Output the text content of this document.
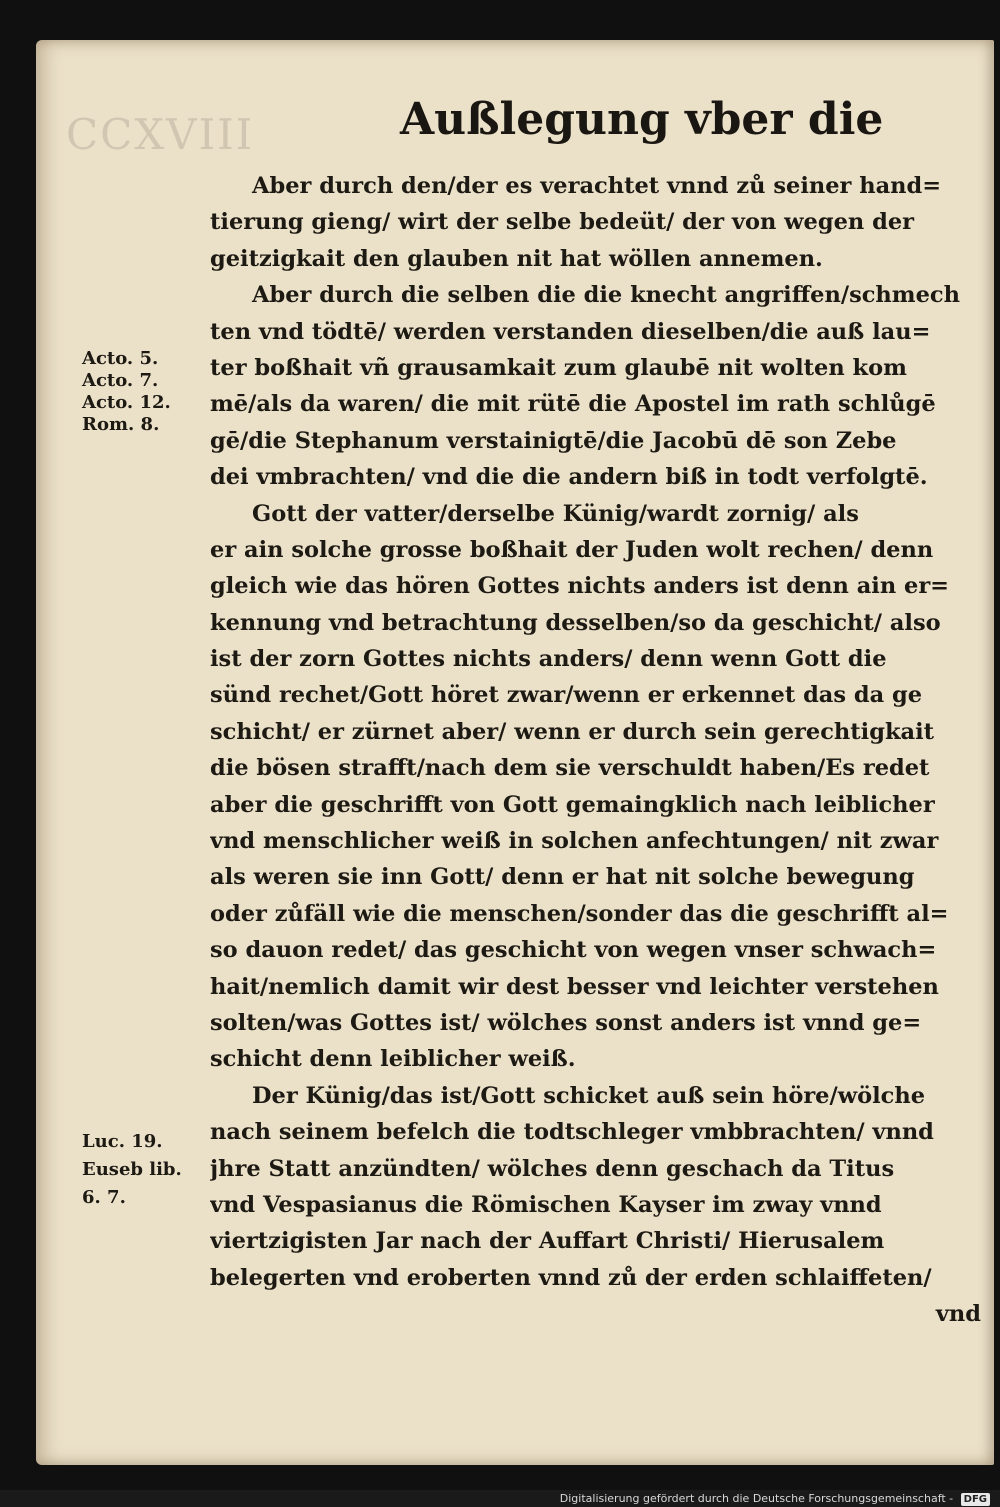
CCXVIII	Außlegung vber die
Aber durch den/der es verachtet vnnd zů seiner hand=
tierung gieng/ wirt der selbe bedeüt/ der von wegen der
geitzigkait den glauben nit hat wöllen annemen.
Aber durch die selben die die knecht angriffen/schmech
ten vnd tödtē/ werden verstanden dieselben/die auß lau=
ter boßhait vñ grausamkait zum glaubē nit wolten kom
mē/als da waren/ die mit rütē die Apostel im rath schlůgē
gē/die Stephanum verstainigtē/die Jacobū dē son Zebe
dei vmbrachten/ vnd die die andern biß in todt verfolgtē.
Gott der vatter/derselbe Künig/wardt zornig/ als
er ain solche grosse boßhait der Juden wolt rechen/ denn
gleich wie das hören Gottes nichts anders ist denn ain er=
kennung vnd betrachtung desselben/so da geschicht/ also
ist der zorn Gottes nichts anders/ denn wenn Gott die
sünd rechet/Gott höret zwar/wenn er erkennet das da ge
schicht/ er zürnet aber/ wenn er durch sein gerechtigkait
die bösen strafft/nach dem sie verschuldt haben/Es redet
aber die geschrifft von Gott gemaingklich nach leiblicher
vnd menschlicher weiß in solchen anfechtungen/ nit zwar
als weren sie inn Gott/ denn er hat nit solche bewegung
oder zůfäll wie die menschen/sonder das die geschrifft al=
so dauon redet/ das geschicht von wegen vnser schwach=
hait/nemlich damit wir dest besser vnd leichter verstehen
solten/was Gottes ist/ wölches sonst anders ist vnnd ge=
schicht denn leiblicher weiß.
Der Künig/das ist/Gott schicket auß sein höre/wölche
nach seinem befelch die todtschleger vmbbrachten/ vnnd
jhre Statt anzündten/ wölches denn geschach da Titus
vnd Vespasianus die Römischen Kayser im zway vnnd
viertzigisten Jar nach der Auffart Christi/ Hierusalem
belegerten vnd eroberten vnnd zů der erden schlaiffeten/
vnd
Acto. 5.
Acto. 7.
Acto. 12.
Rom. 8.
Luc. 19.
Euseb lib.
6. 7.
Digitalisierung gefördert durch die Deutsche Forschungsgemeinschaft - DFG
